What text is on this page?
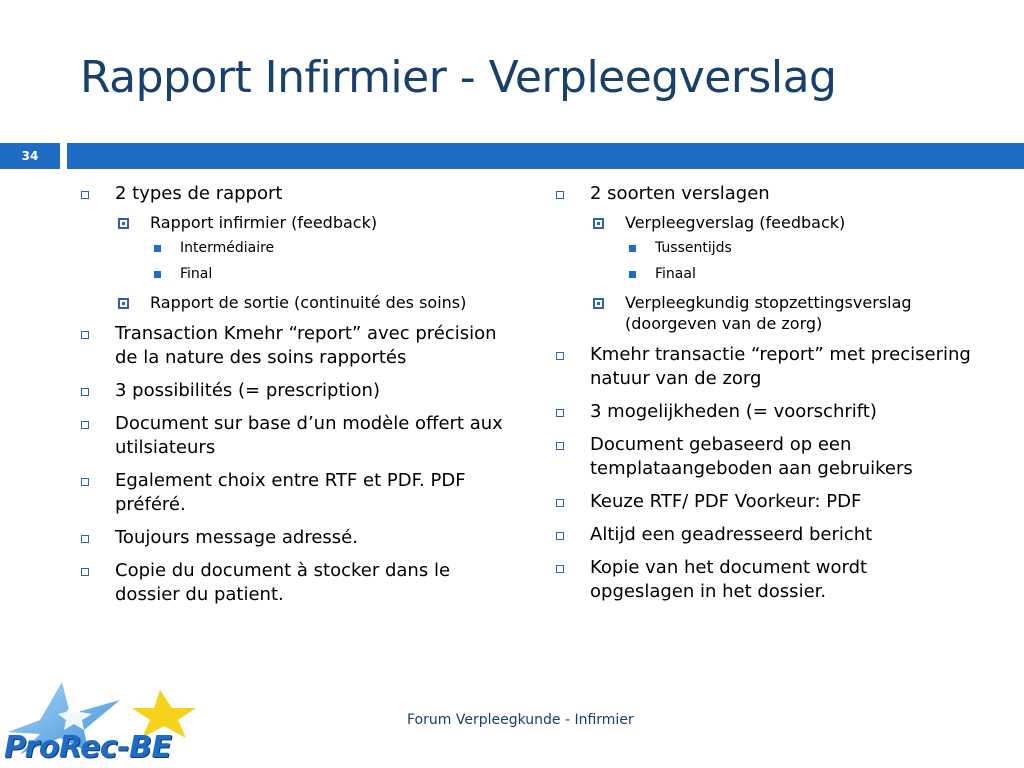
Rapport Infirmier - Verpleegverslag
34
2 types de rapport
Rapport infirmier (feedback)
Intermédiaire
Final
Rapport de sortie (continuité des soins)
Transaction Kmehr “report” avec précision de la nature des soins rapportés
3 possibilités (= prescription)
Document sur base d’un modèle offert aux utilsiateurs
Egalement choix entre RTF et PDF. PDF préféré.
Toujours message adressé.
Copie du document à stocker dans le dossier du patient.
2 soorten verslagen
Verpleegverslag (feedback)
Tussentijds
Finaal
Verpleegkundig stopzettingsverslag (doorgeven van de zorg)
Kmehr transactie “report” met precisering natuur van de zorg
3 mogelijkheden (= voorschrift)
Document gebaseerd op een templataangeboden aan gebruikers
Keuze RTF/ PDF Voorkeur: PDF
Altijd een geadresseerd bericht
Kopie van het document wordt opgeslagen in het dossier.
Forum Verpleegkunde - Infirmier
ProRec-BE
